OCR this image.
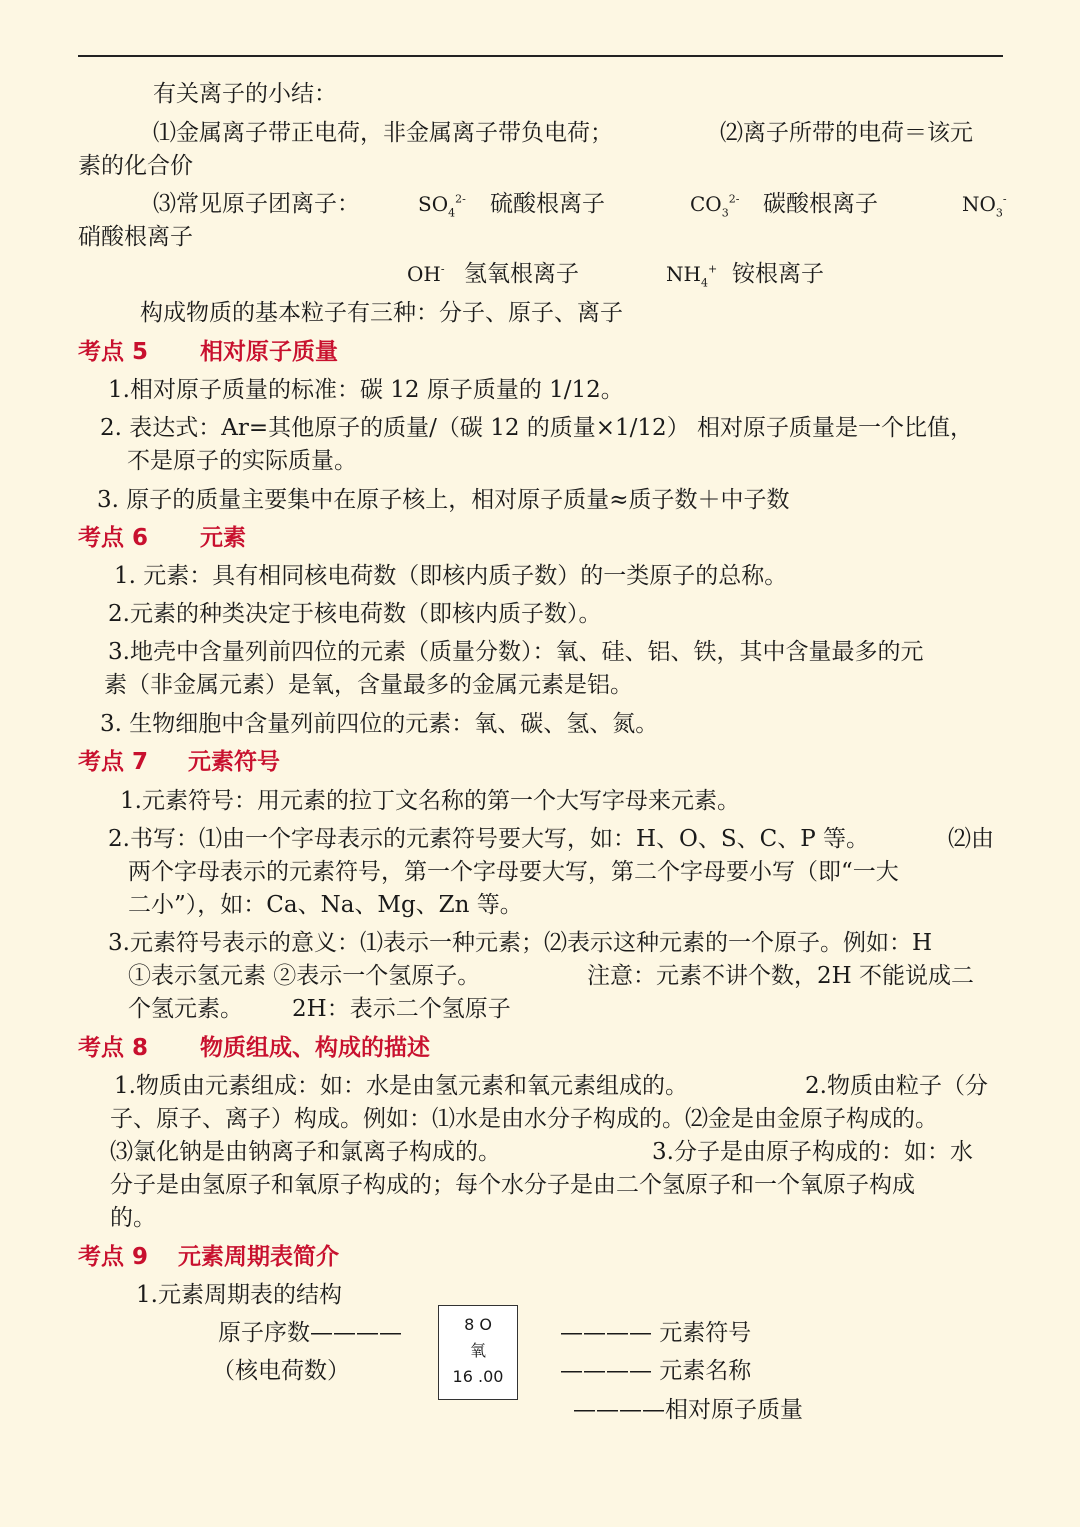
有关离子的小结：
⑴金属离子带正电荷，非金属离子带负电荷；	⑵离子所带的电荷＝该元
素的化合价
⑶常见原子团离子：	$SO_4^{2-}$ 硫酸根离子	$CO_3^{2-}$ 碳酸根离子	$NO_3^-$
硝酸根离子
OH- 氢氧根离子	$NH_4^+$ 铵根离子
构成物质的基本粒子有三种：分子、原子、离子
考点 5 相对原子质量
1.相对原子质量的标准：碳 12 原子质量的 1/12。
2. 表达式：Ar=其他原子的质量/（碳 12 的质量×1/12） 相对原子质量是一个比值，
不是原子的实际质量。
3. 原子的质量主要集中在原子核上，相对原子质量≈质子数＋中子数
考点 6 元素
1. 元素：具有相同核电荷数（即核内质子数）的一类原子的总称。
2.元素的种类决定于核电荷数（即核内质子数）。
3.地壳中含量列前四位的元素（质量分数）：氧、硅、铝、铁，其中含量最多的元
素（非金属元素）是氧，含量最多的金属元素是铝。
3. 生物细胞中含量列前四位的元素：氧、碳、氢、氮。
考点 7 元素符号
1.元素符号：用元素的拉丁文名称的第一个大写字母来元素。
2.书写：⑴由一个字母表示的元素符号要大写，如：H、O、S、C、P 等。	⑵由
两个字母表示的元素符号，第一个字母要大写，第二个字母要小写（即“一大
二小”），如：Ca、Na、Mg、Zn 等。
3.元素符号表示的意义：⑴表示一种元素；⑵表示这种元素的一个原子。例如：H
①表示氢元素 ②表示一个氢原子。	注意：元素不讲个数，2H 不能说成二
个氢元素。 2H：表示二个氢原子
考点 8 物质组成、构成的描述
1.物质由元素组成：如：水是由氢元素和氧元素组成的。	2.物质由粒子（分
子、原子、离子）构成。例如：⑴水是由水分子构成的。⑵金是由金原子构成的。
⑶氯化钠是由钠离子和氯离子构成的。	3.分子是由原子构成的：如：水
分子是由氢原子和氧原子构成的；每个水分子是由二个氢原子和一个氧原子构成
的。
考点 9 元素周期表简介
1.元素周期表的结构
原子序数————
（核电荷数）
8 O
氧
16 .00
———— 元素符号
———— 元素名称
————相对原子质量
